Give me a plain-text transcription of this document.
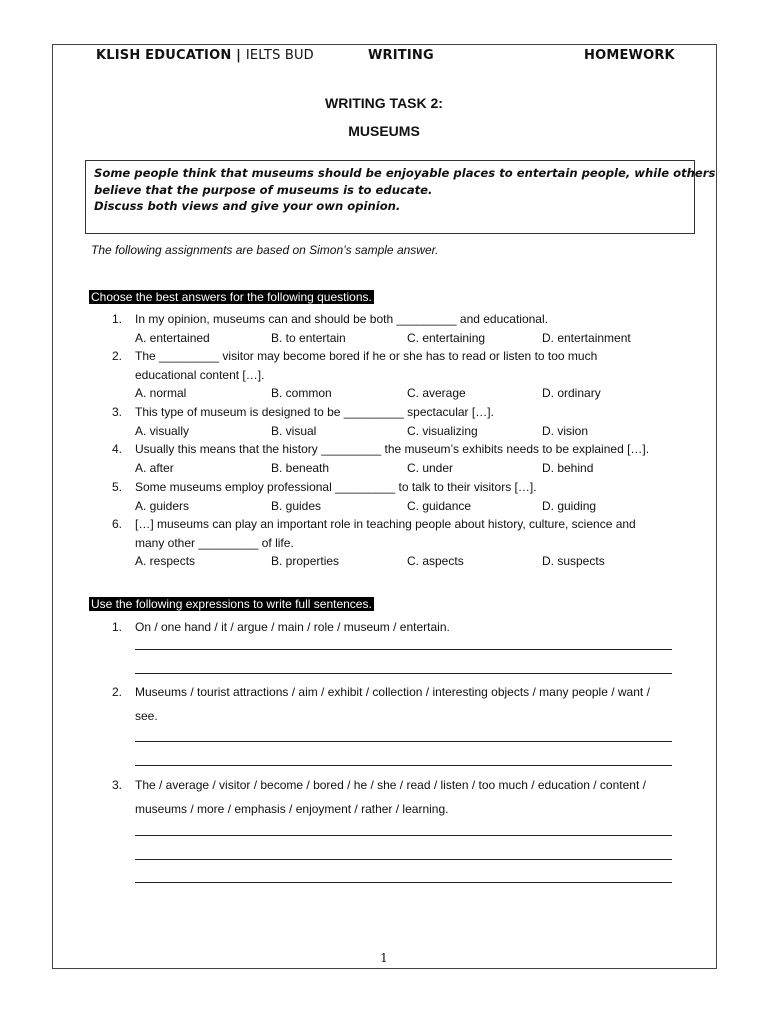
KLISH EDUCATION | IELTS BUD	WRITING	HOMEWORK
WRITING TASK 2:
MUSEUMS
Some people think that museums should be enjoyable places to entertain people, while others
believe that the purpose of museums is to educate.
Discuss both views and give your own opinion.
The following assignments are based on Simon’s sample answer.
Choose the best answers for the following questions.
1. In my opinion, museums can and should be both _________ and educational.
A. entertained	B. to entertain	C. entertaining	D. entertainment
2. The _________ visitor may become bored if he or she has to read or listen to too much
educational content […].
A. normal	B. common	C. average	D. ordinary
3. This type of museum is designed to be _________ spectacular […].
A. visually	B. visual	C. visualizing	D. vision
4. Usually this means that the history _________ the museum’s exhibits needs to be explained […].
A. after	B. beneath	C. under	D. behind
5. Some museums employ professional _________ to talk to their visitors […].
A. guiders	B. guides	C. guidance	D. guiding
6. […] museums can play an important role in teaching people about history, culture, science and
many other _________ of life.
A. respects	B. properties	C. aspects	D. suspects
Use the following expressions to write full sentences.
1. On / one hand / it / argue / main / role / museum / entertain.
2. Museums / tourist attractions / aim / exhibit / collection / interesting objects / many people / want /
see.
3. The / average / visitor / become / bored / he / she / read / listen / too much / education / content /
museums / more / emphasis / enjoyment / rather / learning.
1
